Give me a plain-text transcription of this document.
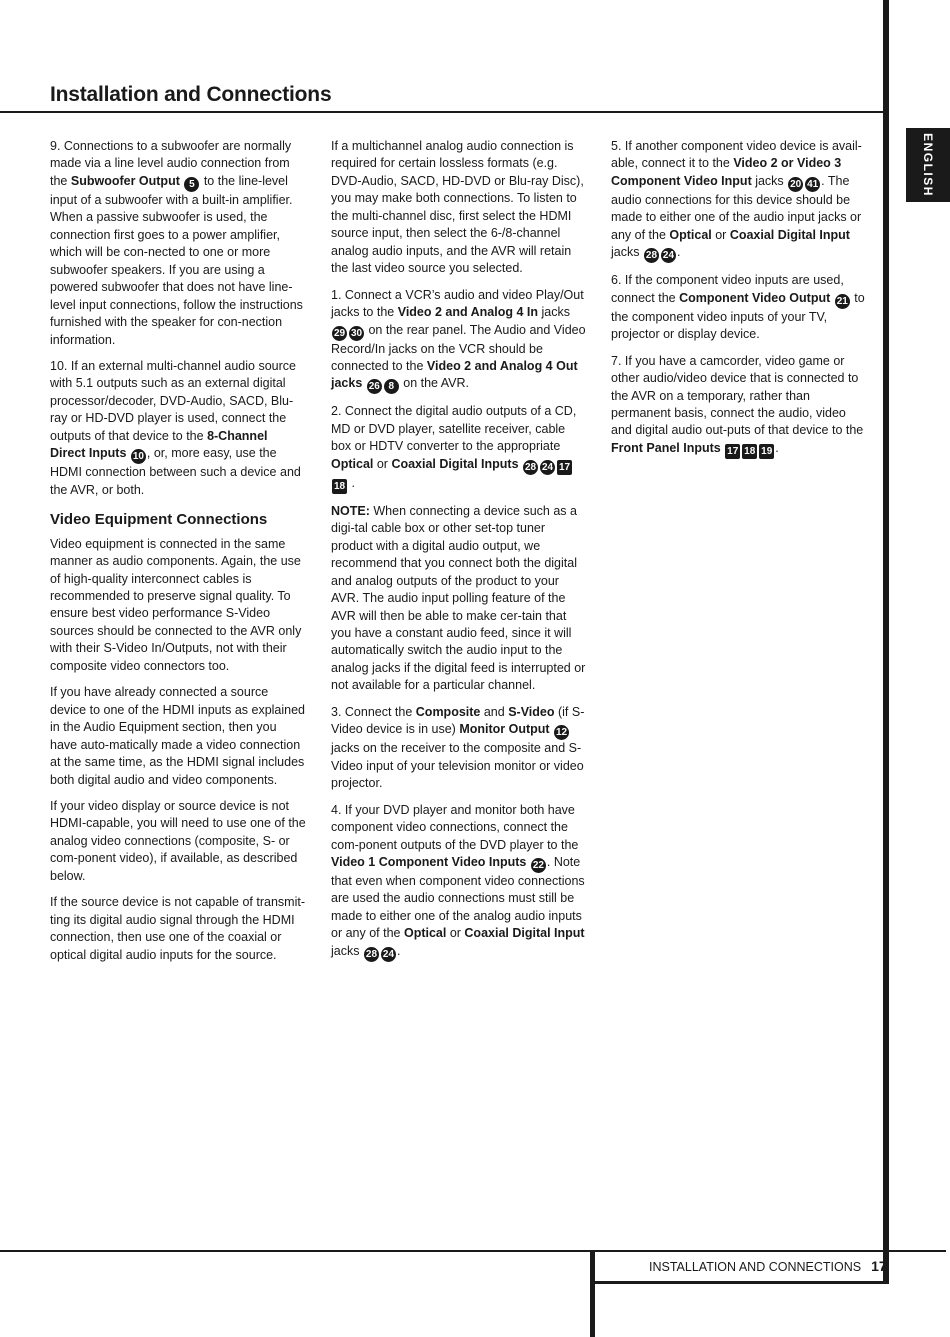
Installation and Connections
ENGLISH

9. Connections to a subwoofer are normally made via a line level audio connection from the Subwoofer Output 5 to the line-level input of a subwoofer with a built-in amplifier. When a passive subwoofer is used, the connection first goes to a power amplifier, which will be con-nected to one or more subwoofer speakers. If you are using a powered subwoofer that does not have line-level input connections, follow the instructions furnished with the speaker for con-nection information.

10. If an external multi-channel audio source with 5.1 outputs such as an external digital processor/decoder, DVD-Audio, SACD, Blu-ray or HD-DVD player is used, connect the outputs of that device to the 8-Channel Direct Inputs 10 , or, more easy, use the HDMI connection between such a device and the AVR, or both.

Video Equipment Connections

Video equipment is connected in the same manner as audio components. Again, the use of high-quality interconnect cables is recommended to preserve signal quality. To ensure best video performance S-Video sources should be connected to the AVR only with their S-Video In/Outputs, not with their composite video connectors too.

If you have already connected a source device to one of the HDMI inputs as explained in the Audio Equipment section, then you have auto-matically made a video connection at the same time, as the HDMI signal includes both digital audio and video components.

If your video display or source device is not HDMI-capable, you will need to use one of the analog video connections (composite, S- or com-ponent video), if available, as described below.

If the source device is not capable of transmit-ting its digital audio signal through the HDMI connection, then use one of the coaxial or optical digital audio inputs for the source.

If a multichannel analog audio connection is required for certain lossless formats (e.g. DVD-Audio, SACD, HD-DVD or Blu-ray Disc), you may make both connections. To listen to the multi-channel disc, first select the HDMI source input, then select the 6-/8-channel analog audio inputs, and the AVR will retain the last video source you selected.

1. Connect a VCR’s audio and video Play/Out jacks to the Video 2 and Analog 4 In jacks 29 30 on the rear panel. The Audio and Video Record/In jacks on the VCR should be connected to the Video 2 and Analog 4 Out jacks 26 8 on the AVR.

2. Connect the digital audio outputs of a CD, MD or DVD player, satellite receiver, cable box or HDTV converter to the appropriate Optical or Coaxial Digital Inputs 28 24 1718 .

NOTE: When connecting a device such as a digi-tal cable box or other set-top tuner product with a digital audio output, we recommend that you connect both the digital and analog outputs of the product to your AVR. The audio input polling feature of the AVR will then be able to make cer-tain that you have a constant audio feed, since it will automatically switch the audio input to the analog jacks if the digital feed is interrupted or not available for a particular channel.

3. Connect the Composite and S-Video (if S-Video device is in use) Monitor Output 12 jacks on the receiver to the composite and S-Video input of your television monitor or video projector.

4. If your DVD player and monitor both have component video connections, connect the com-ponent outputs of the DVD player to the Video 1 Component Video Inputs 22 . Note that even when component video connections are used the audio connections must still be made to either one of the analog audio inputs or any of the Optical or Coaxial Digital Input jacks 28 24 .

5. If another component video device is avail-able, connect it to the Video 2 or Video 3 Component Video Input jacks 20 41 . The audio connections for this device should be made to either one of the audio input jacks or any of the Optical or Coaxial Digital Input jacks 28 24 .

6. If the component video inputs are used, connect the Component Video Output 21 to the component video inputs of your TV, projector or display device.

7. If you have a camcorder, video game or other audio/video device that is connected to the AVR on a temporary, rather than permanent basis, connect the audio, video and digital audio out-puts of that device to the Front Panel Inputs 17 18 19 .

INSTALLATION AND CONNECTIONS 17
